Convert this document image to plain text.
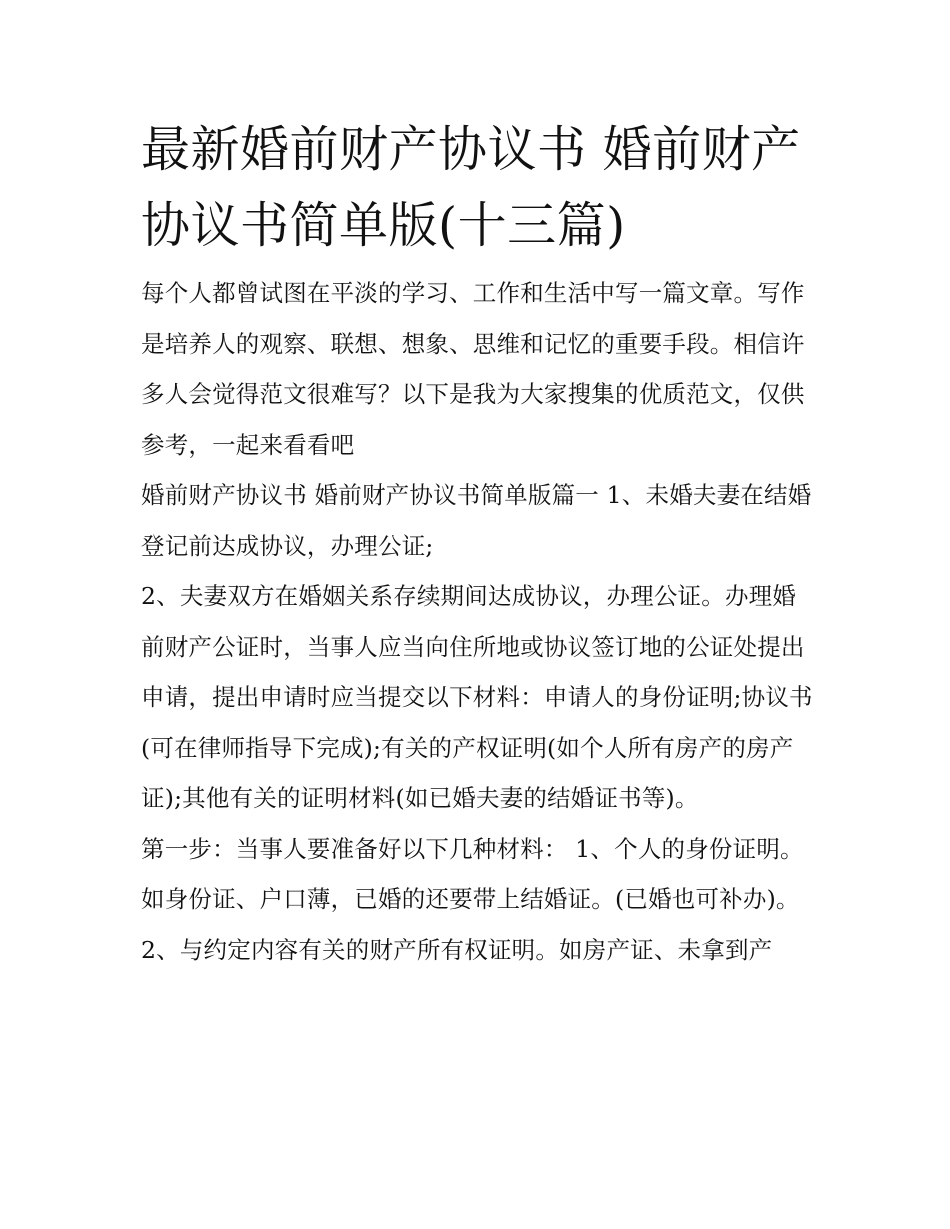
最新婚前财产协议书 婚前财产协议书简单版(十三篇)

每个人都曾试图在平淡的学习、工作和生活中写一篇文章。写作是培养人的观察、联想、想象、思维和记忆的重要手段。相信许多人会觉得范文很难写？以下是我为大家搜集的优质范文，仅供参考，一起来看看吧

婚前财产协议书 婚前财产协议书简单版篇一 1、未婚夫妻在结婚登记前达成协议，办理公证;

2、夫妻双方在婚姻关系存续期间达成协议，办理公证。办理婚前财产公证时，当事人应当向住所地或协议签订地的公证处提出申请，提出申请时应当提交以下材料：申请人的身份证明;协议书(可在律师指导下完成);有关的产权证明(如个人所有房产的房产证);其他有关的证明材料(如已婚夫妻的结婚证书等)。

第一步：当事人要准备好以下几种材料： 1、个人的身份证明。如身份证、户口薄，已婚的还要带上结婚证。(已婚也可补办)。

2、与约定内容有关的财产所有权证明。如房产证、未拿到产
